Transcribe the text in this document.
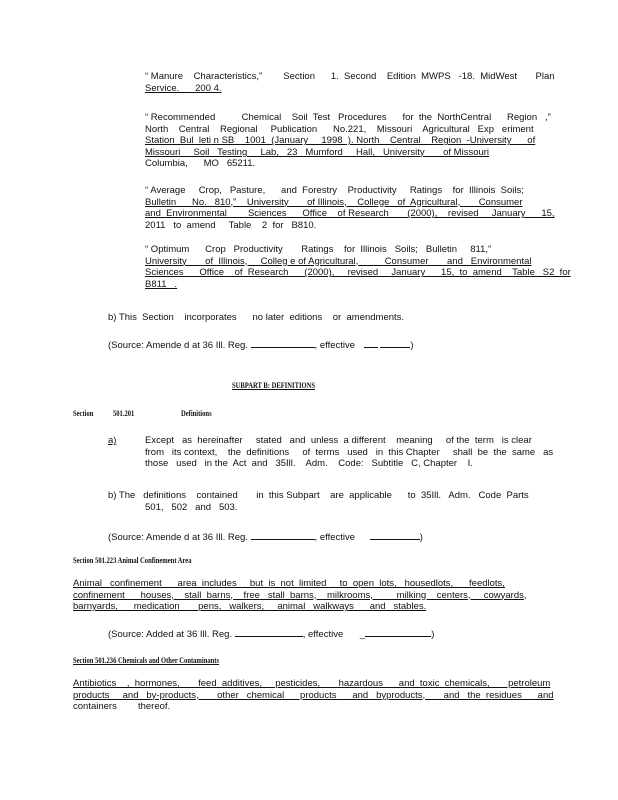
“ Manure    Characteristics,”        Section      1.  Second    Edition  MWPS   -18.  MidWest       Plan
Service.      200 4.
“ Recommended          Chemical    Soil  Test   Procedures      for  the  NorthCentral      Region   ,”
North    Central    Regional     Publication      No.221,    Missouri    Agricultural   Exp   eriment
Station  Bul  leti n SB    1001  (January     1998  ). North    Central    Region  -University      of
Missouri     Soil   Testing     Lab,   23   Mumford     Hall,   University       of Missouri
Columbia,      MO   65211.
“ Average     Crop,   Pasture,      and  Forestry    Productivity     Ratings    for  Illinois  Soils;
Bulletin      No.   810,”    University       of Illinois,    College   of  Agricultural,       Consumer
and  Environmental        Sciences      Office    of Research       (2000),    revised     January      15,
2011   to  amend     Table    2  for   B810.
“ Optimum      Crop   Productivity       Ratings    for  Illinois   Soils;   Bulletin     811,”
University       of  Illinois,     Colleg e of Agricultural,          Consumer       and   Environmental
Sciences      Office    of  Research      (2000),     revised     January      15,  to  amend    Table   S2  for
B811   .
b) This  Section    incorporates      no later  editions    or  amendments.
(Source: Amende d at 36 Ill. Reg.	, effective	)
SUBPART B: DEFINITIONS
Section 501.201	Definitions
a)	Except   as  hereinafter     stated   and  unless  a different    meaning     of the  term   is clear
from   its context,    the  definitions     of  terms   used   in  this Chapter     shall  be  the  same   as
those   used   in the  Act  and   35Ill.    Adm.    Code:   Subtitle   C, Chapter    I.
b) The   definitions    contained       in  this Subpart    are  applicable      to  35Ill.   Adm.   Code  Parts
501,   502   and   503.
(Source: Amende d at 36 Ill. Reg.	, effective	)
Section 501.223 Animal Confinement Area
Animal   confinement      area  includes     but  is  not  limited     to  open  lots,   housedlots,      feedlots,
confinement      houses,    stall  barns,    free   stall  barns,    milkrooms,         milking    centers,     cowyards,
barnyards,      medication       pens,   walkers,     animal   walkways      and   stables.
(Source: Added at 36 Ill. Reg.	, effective _	)
Section 501.236 Chemicals and Other Contaminants
Antibiotics    ,  hormones,       feed  additives,     pesticides,       hazardous      and  toxic  chemicals,       petroleum
products     and   by-products,       other   chemical      products      and   byproducts,       and   the  residues      and
containers        thereof.
